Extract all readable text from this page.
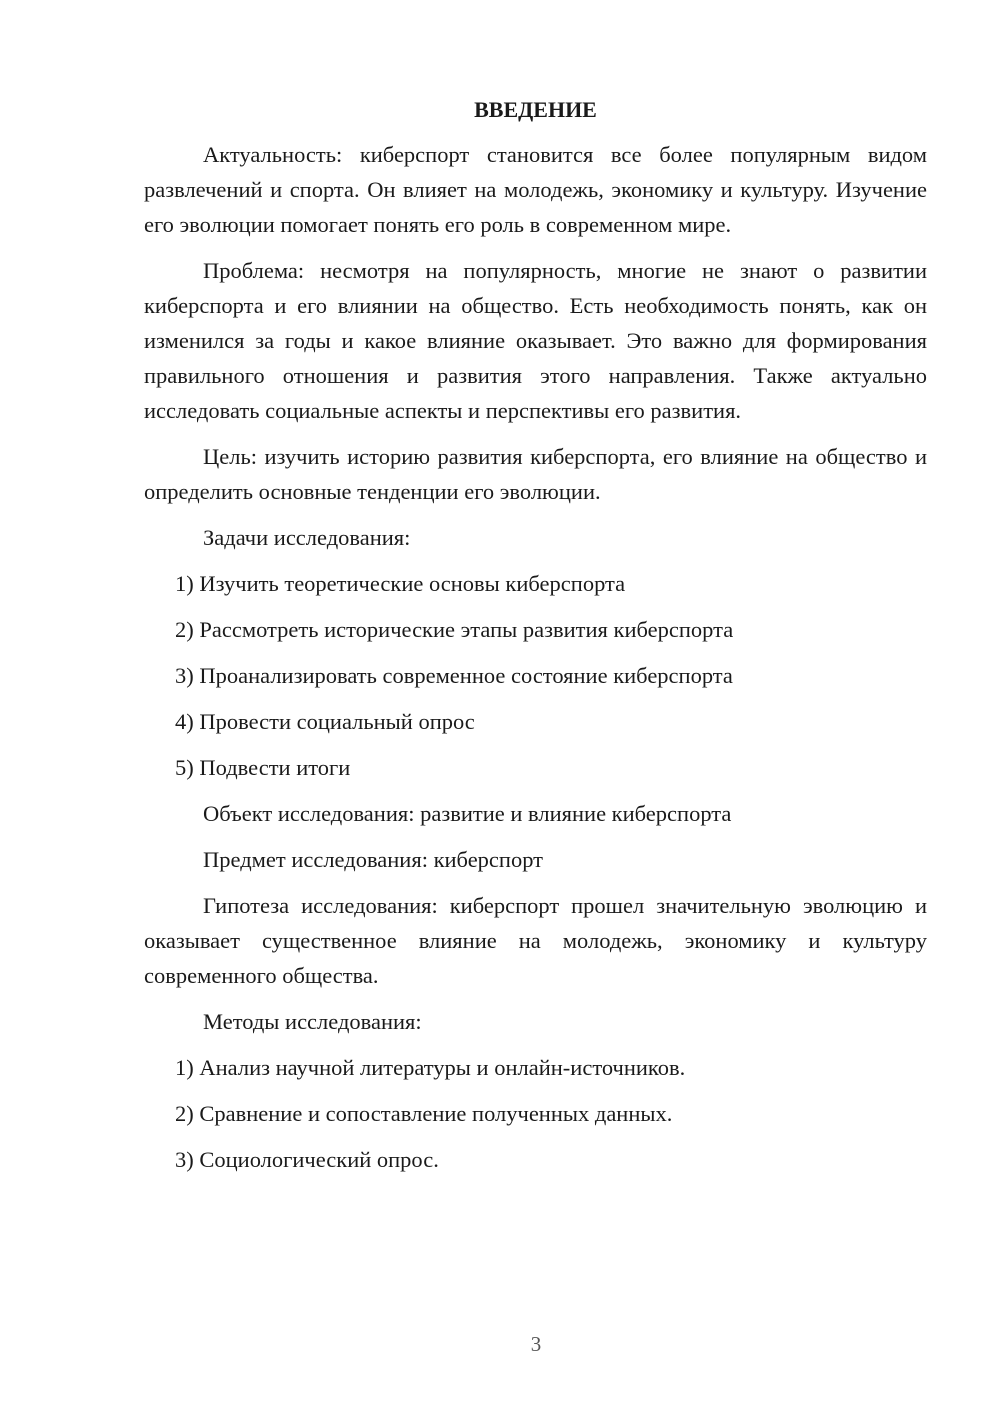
ВВЕДЕНИЕ

Актуальность: киберспорт становится все более популярным видом развлечений и спорта. Он влияет на молодежь, экономику и культуру. Изучение его эволюции помогает понять его роль в современном мире.

Проблема: несмотря на популярность, многие не знают о развитии киберспорта и его влиянии на общество. Есть необходимость понять, как он изменился за годы и какое влияние оказывает. Это важно для формирования правильного отношения и развития этого направления. Также актуально исследовать социальные аспекты и перспективы его развития.

Цель: изучить историю развития киберспорта, его влияние на общество и определить основные тенденции его эволюции.

Задачи исследования:
1) Изучить теоретические основы киберспорта
2) Рассмотреть исторические этапы развития киберспорта
3) Проанализировать современное состояние киберспорта
4) Провести социальный опрос
5) Подвести итоги
Объект исследования: развитие и влияние киберспорта
Предмет исследования: киберспорт

Гипотеза исследования: киберспорт прошел значительную эволюцию и оказывает существенное влияние на молодежь, экономику и культуру современного общества.

Методы исследования:
1) Анализ научной литературы и онлайн-источников.
2) Сравнение и сопоставление полученных данных.
3) Социологический опрос.
3
